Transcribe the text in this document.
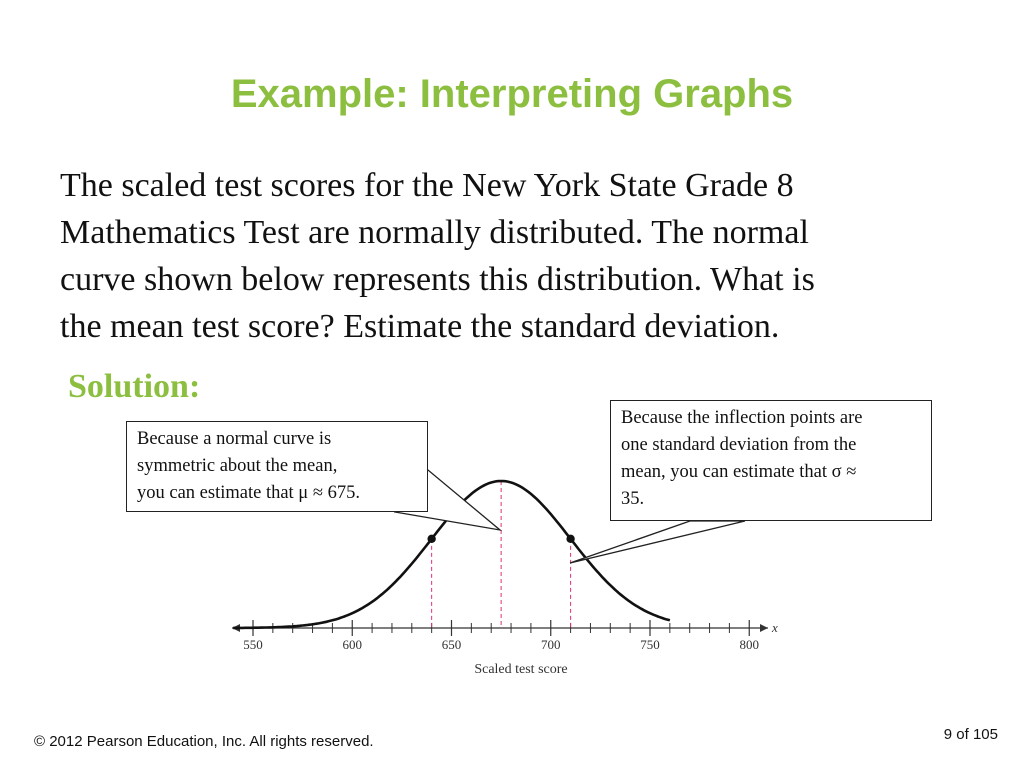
Example: Interpreting Graphs
The scaled test scores for the New York State Grade 8
Mathematics Test are normally distributed. The normal
curve shown below represents this distribution. What is
the mean test score? Estimate the standard deviation.
Solution:
550	600	650	700	750	800
x
Scaled test score
Because a normal curve is
symmetric about the mean,
you can estimate that μ ≈ 675.
Because the inflection points are
one standard deviation from the
mean, you can estimate that σ ≈
35.
© 2012 Pearson Education, Inc. All rights reserved.	9 of 105
